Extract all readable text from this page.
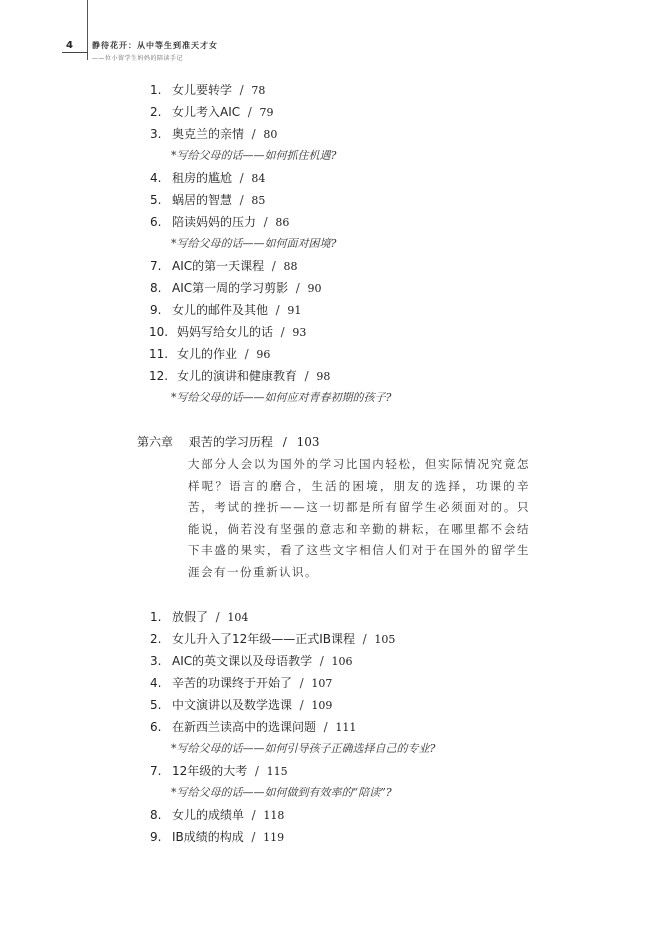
4 静待花开：从中等生到准天才女
——位小留学生妈妈的陪读手记
1. 女儿要转学  /  78
2. 女儿考入AIC  /  79
3. 奥克兰的亲情  /  80
*写给父母的话——如何抓住机遇?
4. 租房的尴尬  /  84
5. 蜗居的智慧  /  85
6. 陪读妈妈的压力  /  86
*写给父母的话——如何面对困境?
7. AIC的第一天课程  /  88
8. AIC第一周的学习剪影  /  90
9. 女儿的邮件及其他  /  91
10. 妈妈写给女儿的话  /  93
11. 女儿的作业  /  96
12. 女儿的演讲和健康教育  /  98
*写给父母的话——如何应对青春初期的孩子?
第六章 艰苦的学习历程 / 103
大部分人会以为国外的学习比国内轻松，但实际情况究竟怎样呢？语言的磨合，生活的困境，朋友的选择，功课的辛苦，考试的挫折——这一切都是所有留学生必须面对的。只能说，倘若没有坚强的意志和辛勤的耕耘，在哪里都不会结下丰盛的果实，看了这些文字相信人们对于在国外的留学生涯会有一份重新认识。
1. 放假了  /  104
2. 女儿升入了12年级——正式IB课程  /  105
3. AIC的英文课以及母语教学  /  106
4. 辛苦的功课终于开始了  /  107
5. 中文演讲以及数学选课  /  109
6. 在新西兰读高中的选课问题  /  111
*写给父母的话——如何引导孩子正确选择自己的专业?
7. 12年级的大考  /  115
*写给父母的话——如何做到有效率的“陪读”?
8. 女儿的成绩单  /  118
9. IB成绩的构成  /  119
